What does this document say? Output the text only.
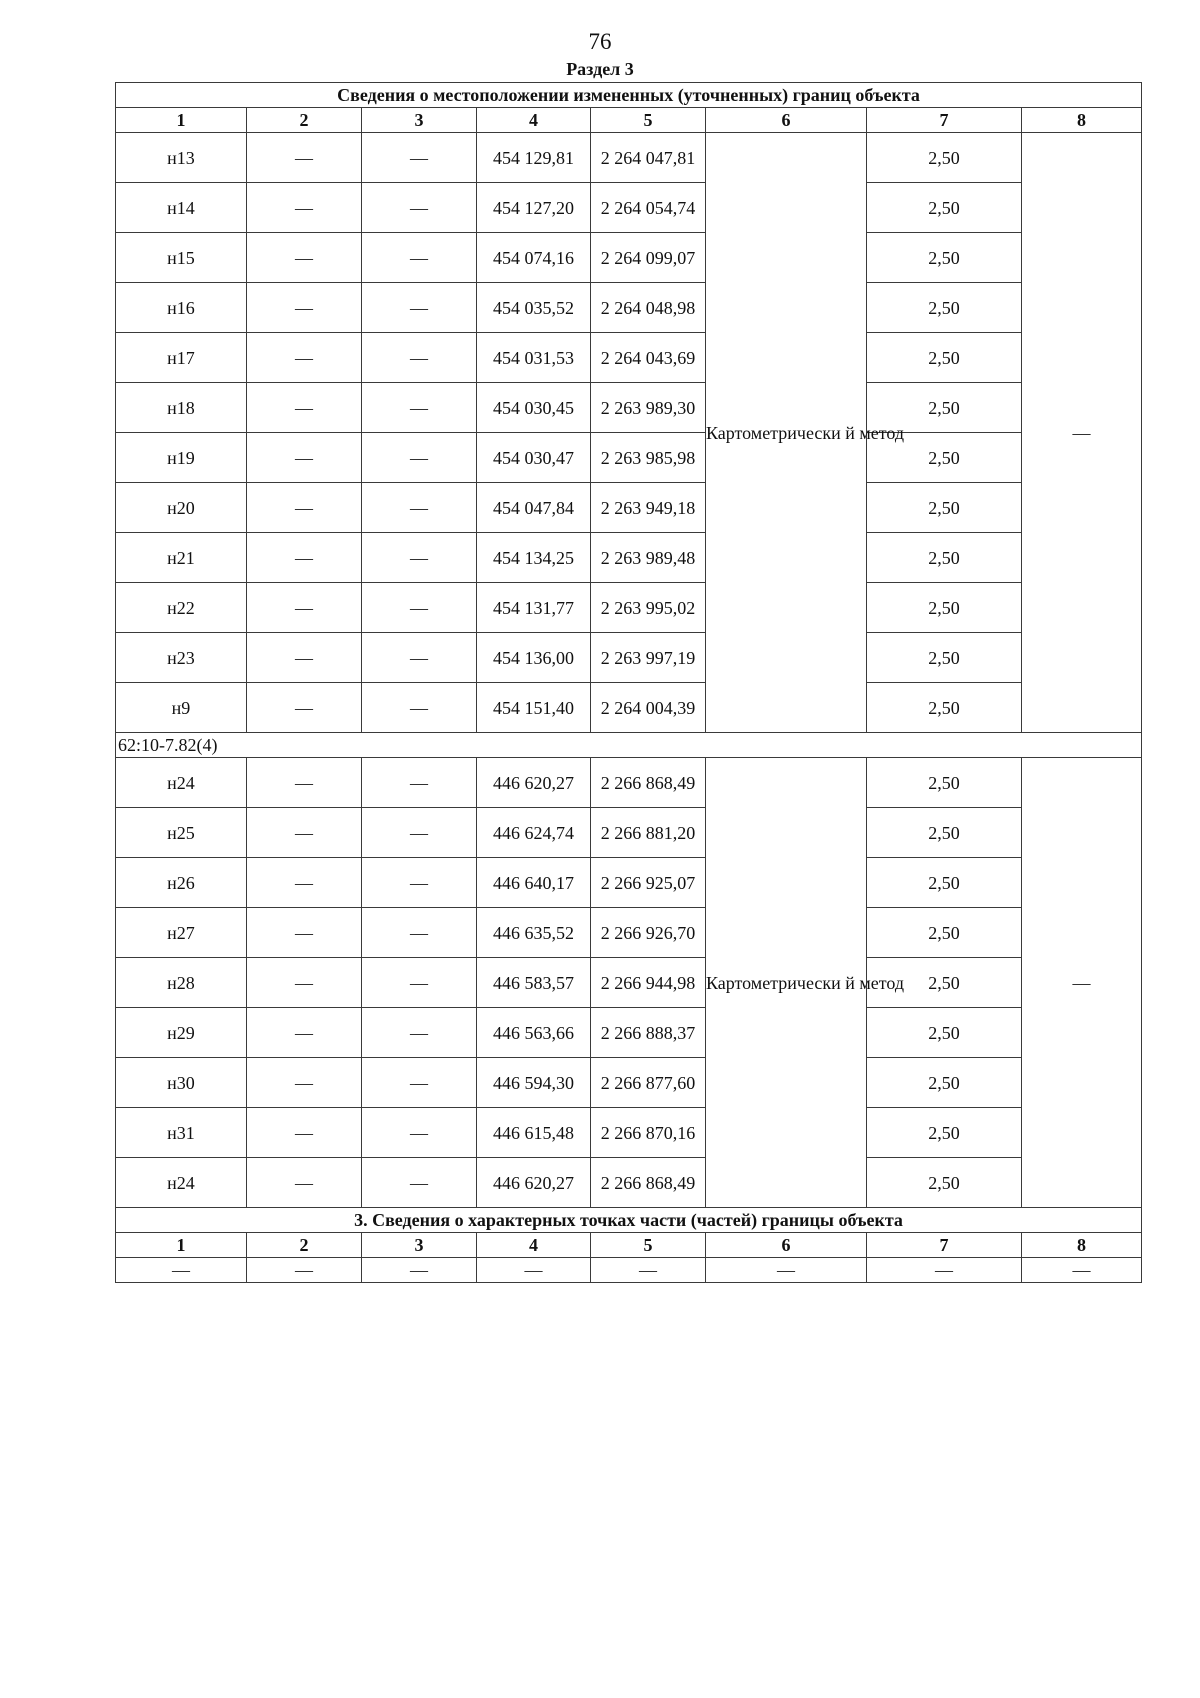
76
Раздел 3
Сведения о местоположении измененных (уточненных) границ объекта							
1	2	3	4	5	6	7	8
н13	—	—	454 129,81	2 264 047,81	Картометрически й метод	2,50	—
н14	—	—	454 127,20	2 264 054,74		2,50	
н15	—	—	454 074,16	2 264 099,07		2,50	
н16	—	—	454 035,52	2 264 048,98		2,50	
н17	—	—	454 031,53	2 264 043,69		2,50	
н18	—	—	454 030,45	2 263 989,30		2,50	
н19	—	—	454 030,47	2 263 985,98		2,50	
н20	—	—	454 047,84	2 263 949,18		2,50	
н21	—	—	454 134,25	2 263 989,48		2,50	
н22	—	—	454 131,77	2 263 995,02		2,50	
н23	—	—	454 136,00	2 263 997,19		2,50	
н9	—	—	454 151,40	2 264 004,39		2,50	
62:10-7.82(4)							
н24	—	—	446 620,27	2 266 868,49	Картометрически й метод	2,50	—
н25	—	—	446 624,74	2 266 881,20		2,50	
н26	—	—	446 640,17	2 266 925,07		2,50	
н27	—	—	446 635,52	2 266 926,70		2,50	
н28	—	—	446 583,57	2 266 944,98		2,50	
н29	—	—	446 563,66	2 266 888,37		2,50	
н30	—	—	446 594,30	2 266 877,60		2,50	
н31	—	—	446 615,48	2 266 870,16		2,50	
н24	—	—	446 620,27	2 266 868,49		2,50	
3. Сведения о характерных точках части (частей) границы объекта							
1	2	3	4	5	6	7	8
—	—	—	—	—	—	—	—
